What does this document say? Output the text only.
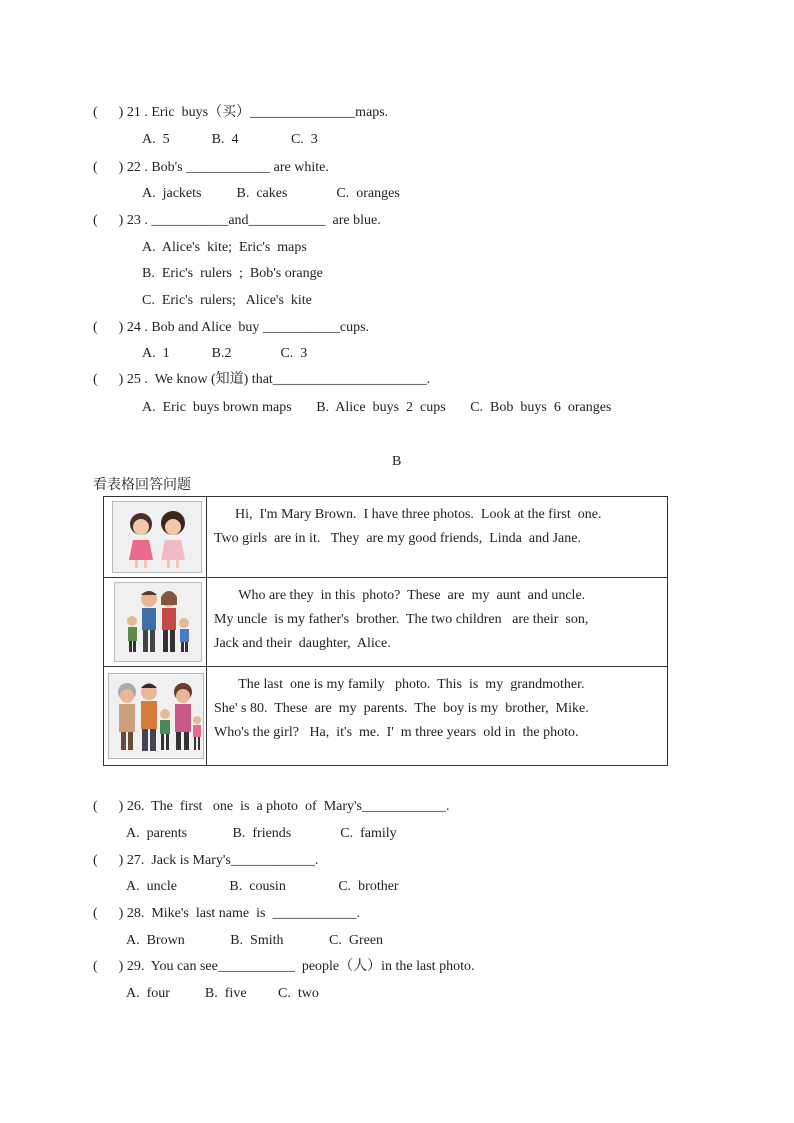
(      ) 21 . Eric  buys（买）_______________maps.
A.  5            B.  4               C.  3
(      ) 22 . Bob's ____________ are white.
A.  jackets          B.  cakes              C.  oranges
(      ) 23 . ___________and___________  are blue.
A.  Alice's  kite;  Eric's  maps
B.  Eric's  rulers  ;  Bob's orange
C.  Eric's  rulers;   Alice's  kite
(      ) 24 . Bob and Alice  buy ___________cups.
A.  1            B.2              C.  3
(      ) 25 .  We know (知道) that______________________.
A.  Eric  buys brown maps       B.  Alice  buys  2  cups       C.  Bob  buys  6  oranges
B
看表格回答问题
Hi,  I'm Mary Brown.  I have three photos.  Look at the first  one.
Two girls  are in it.   They  are my good friends,  Linda  and Jane.
Who are they  in this  photo?  These  are  my  aunt  and uncle.
My uncle  is my father's  brother.  The two children   are their  son,
Jack and their  daughter,  Alice.
The last  one is my family   photo.  This  is  my  grandmother.
She' s 80.  These  are  my  parents.  The  boy is my  brother,  Mike.
Who's the girl?   Ha,  it's  me.  I'  m three years  old in  the photo.
(      ) 26.  The  first   one  is  a photo  of  Mary's____________.
A.  parents             B.  friends              C.  family
(      ) 27.  Jack is Mary's____________.
A.  uncle               B.  cousin               C.  brother
(      ) 28.  Mike's  last name  is  ____________.
A.  Brown             B.  Smith             C.  Green
(      ) 29.  You can see___________  people（人）in the last photo.
A.  four          B.  five         C.  two
